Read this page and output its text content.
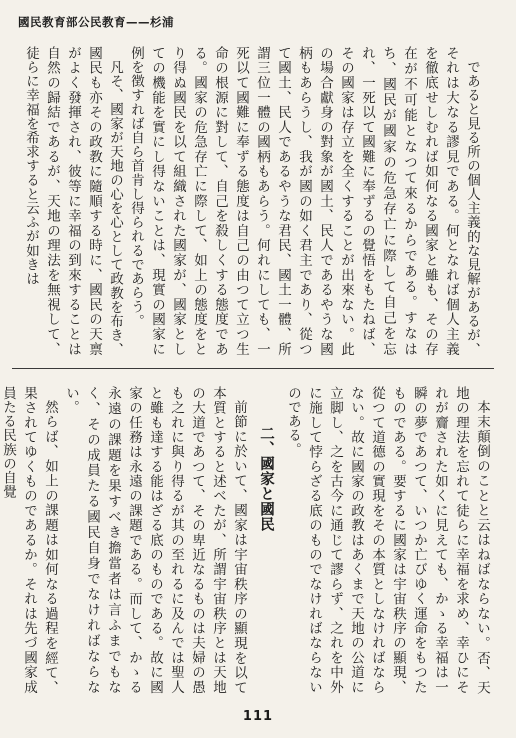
國民教育部公民教育——杉浦

であると見る所の個人主義的な見解があるが、それは大なる謬見である。何となれば個人主義を徹底せしむれば如何なる國家と雖も、その存在が不可能となつて來るからである。すなはち、國民が國家の危急存亡に際して自己を忘れ、一死以て國難に奉ずるの覺悟をもたねば、その國家は存立を全くすることが出來ない。此の場合獻身の對象が國土、民人であるやうな國柄もあらうし、我が國の如く君主であり、從つて國土、民人であるやうな君民、國土一體、所謂三位一體の國柄もあらう。何れにしても、一死以て國難に奉ずる態度は自己の由つて立つ生命の根源に對して、自己を殺しくする態度である。國家の危急存亡に際して、如上の態度をとり得ぬ國民を以て組織された國家が、國家としての機能を實にし得ないことは、現實の國家に例を徴すれば自ら首肯し得られるであらう。

凡そ、國家が天地の心を心として政教を布き、國民も亦その政教に隨順する時に、國民の天禀がよく發揮され、彼等に幸福の到來することは自然の歸結であるが、天地の理法を無視して、徒らに幸福を希求すると云ふが如きは

本末顛倒のことと云はねばならない。否、天地の理法を忘れて徒らに幸福を求め、幸ひにそれが齎された如くに見えても、かゝる幸福は一瞬の夢であつて、いつか亡びゆく運命をもつたものである。要するに國家は宇宙秩序の顯現、從つて道德の實現をその本質としなければならない。故に國家の政教はあくまで天地の公道に立脚し、之を古今に通じて謬らず、之れを中外に施して悖らざる底のものでなければならないのである。

二、國家と國民

前節に於いて、國家は宇宙秩序の顯現を以て本質とすると述べたが、所謂宇宙秩序とは天地の大道であつて、その卑近なるものは夫婦の愚も之れに與り得るが其の至れるに及んでは聖人と雖も達する能はざる底のものである。故に國家の任務は永遠の課題である。而して、かゝる永遠の課題を果すべき擔當者は言ふまでもなく、その成員たる國民自身でなければならない。

然らば、如上の課題は如何なる過程を經て、果されてゆくものであるか。それは先づ國家成員たる民族の自覺

111
